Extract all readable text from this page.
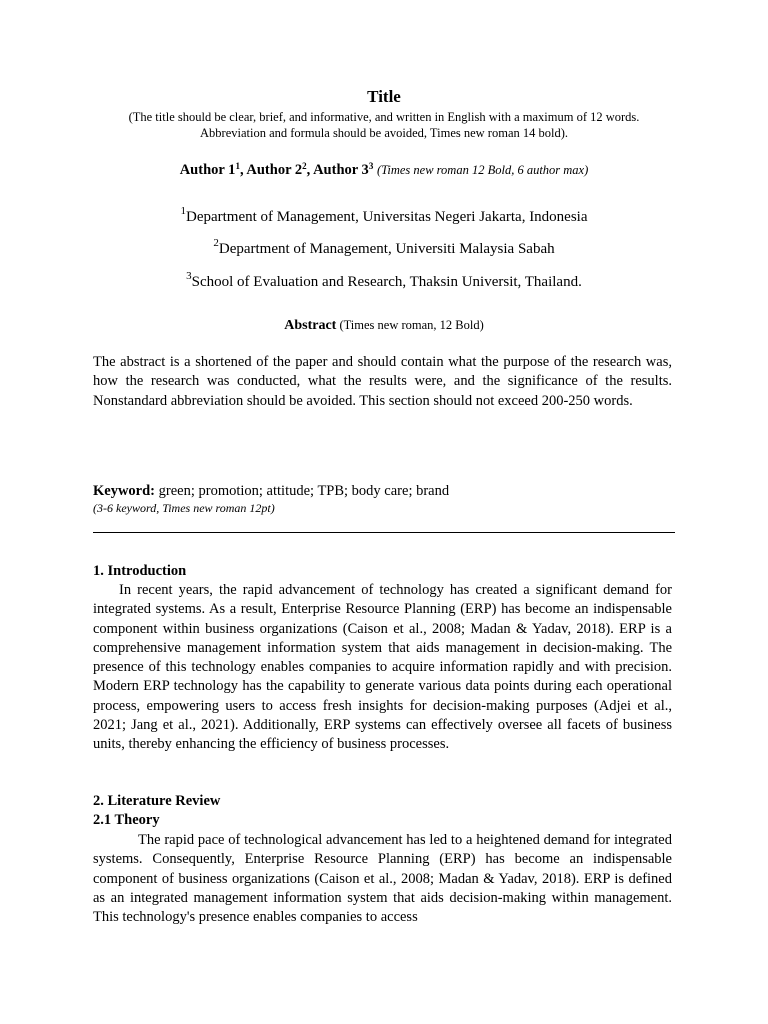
Title
(The title should be clear, brief, and informative, and written in English with a maximum of 12 words.
Abbreviation and formula should be avoided, Times new roman 14 bold).
Author $1^1$, Author $2^2$, Author $3^3$ (Times new roman 12 Bold, 6 author max)
$^1$Department of Management, Universitas Negeri Jakarta, Indonesia
$^2$Department of Management, Universiti Malaysia Sabah
$^3$School of Evaluation and Research, Thaksin Universit, Thailand.
Abstract (Times new roman, 12 Bold)
The abstract is a shortened of the paper and should contain what the purpose of the research was, how the research was conducted, what the results were, and the significance of the results. Nonstandard abbreviation should be avoided. This section should not exceed 200-250 words.
Keyword: green; promotion; attitude; TPB; body care; brand
(3-6 keyword, Times new roman 12pt)
1. Introduction
In recent years, the rapid advancement of technology has created a significant demand for integrated systems. As a result, Enterprise Resource Planning (ERP) has become an indispensable component within business organizations (Caison et al., 2008; Madan & Yadav, 2018). ERP is a comprehensive management information system that aids management in decision-making. The presence of this technology enables companies to acquire information rapidly and with precision. Modern ERP technology has the capability to generate various data points during each operational process, empowering users to access fresh insights for decision-making purposes (Adjei et al., 2021; Jang et al., 2021). Additionally, ERP systems can effectively oversee all facets of business units, thereby enhancing the efficiency of business processes.
2. Literature Review
2.1 Theory
The rapid pace of technological advancement has led to a heightened demand for integrated systems. Consequently, Enterprise Resource Planning (ERP) has become an indispensable component of business organizations (Caison et al., 2008; Madan & Yadav, 2018). ERP is defined as an integrated management information system that aids decision-making within management. This technology's presence enables companies to access
